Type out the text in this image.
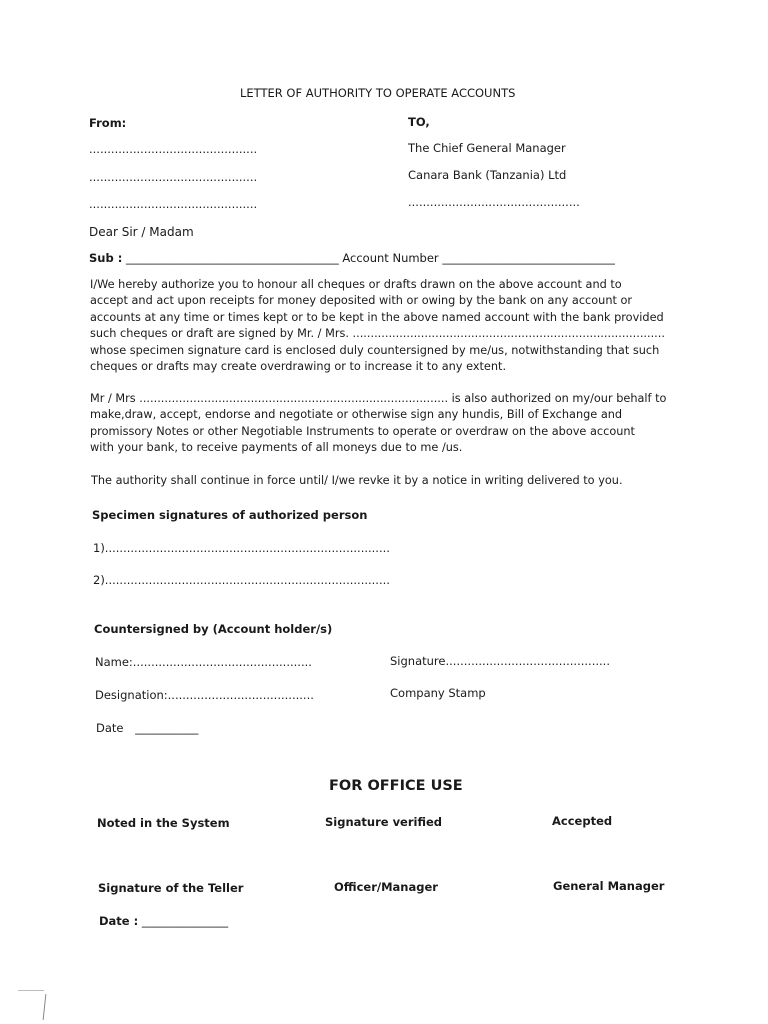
LETTER OF AUTHORITY TO OPERATE ACCOUNTS
From:
..............................................
..............................................
..............................................
TO,
The Chief General Manager
Canara Bank (Tanzania) Ltd
...............................................
Dear Sir / Madam
Sub : _____________________________________ Account Number ______________________________
I/We hereby authorize you to honour all cheques or drafts drawn on the above account and to
accept and act upon receipts for money deposited with or owing by the bank on any account or
accounts at any time or times kept or to be kept in the above named account with the bank provided
such cheques or draft are signed by Mr. / Mrs. .......................................................................................
whose specimen signature card is enclosed duly countersigned by me/us, notwithstanding that such
cheques or drafts may create overdrawing or to increase it to any extent.
Mr / Mrs ...................................................................................... is also authorized on my/our behalf to
make,draw, accept, endorse and negotiate or otherwise sign any hundis, Bill of Exchange and
promissory Notes or other Negotiable Instruments to operate or overdraw on the above account
with your bank, to receive payments of all moneys due to me /us.
The authority shall continue in force until/ I/we revke it by a notice in writing delivered to you.
Specimen signatures of authorized person
1)..............................................................................
2)..............................................................................
Countersigned by (Account holder/s)
Name:.................................................	Signature.............................................
Designation:........................................	Company Stamp
Date ___________
FOR OFFICE USE
Noted in the System	Signature verified	Accepted
Signature of the Teller	Officer/Manager	General Manager
Date : _______________
